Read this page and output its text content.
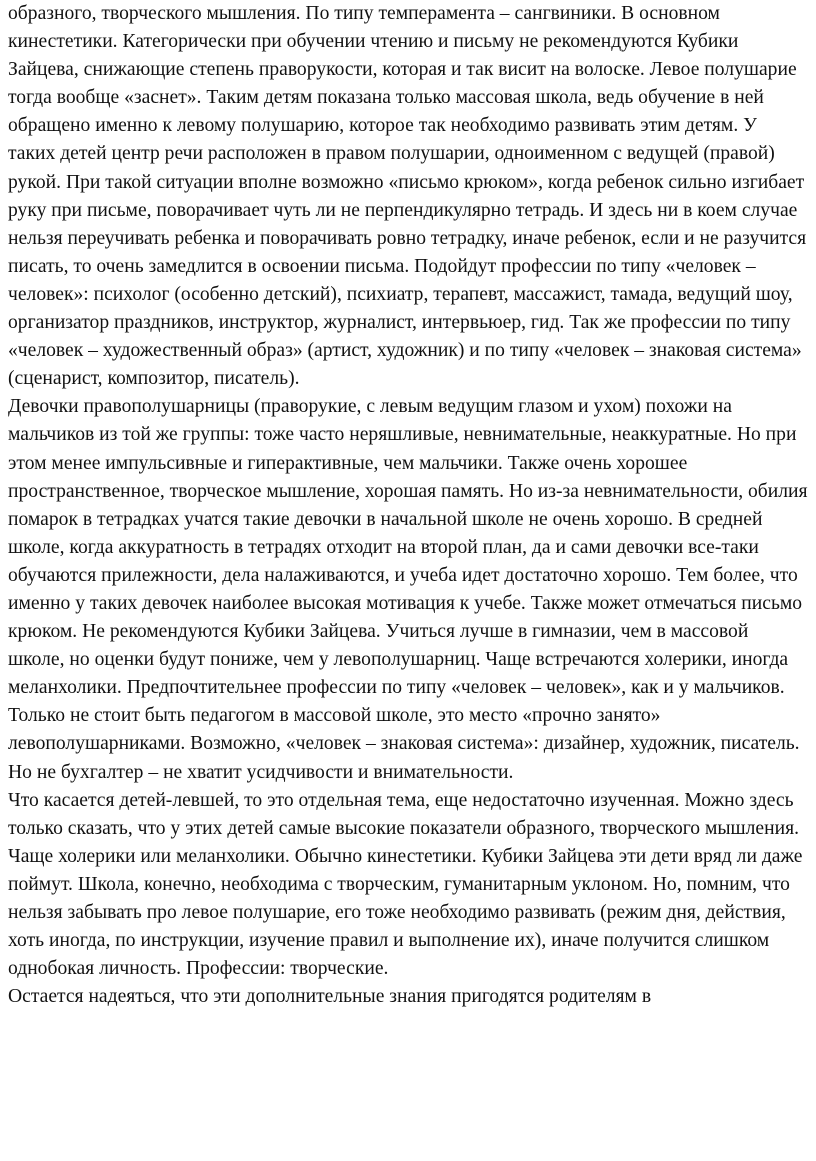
образного, творческого мышления. По типу темперамента – сангвиники. В основном кинестетики. Категорически при обучении чтению и письму не рекомендуются Кубики Зайцева, снижающие степень праворукости, которая и так висит на волоске. Левое полушарие тогда вообще «заснет». Таким детям показана только массовая школа, ведь обучение в ней обращено именно к левому полушарию, которое так необходимо развивать этим детям. У таких детей центр речи расположен в правом полушарии, одноименном с ведущей (правой) рукой. При такой ситуации вполне возможно «письмо крюком», когда ребенок сильно изгибает руку при письме, поворачивает чуть ли не перпендикулярно тетрадь. И здесь ни в коем случае нельзя переучивать ребенка и поворачивать ровно тетрадку, иначе ребенок, если и не разучится писать, то очень замедлится в освоении письма. Подойдут профессии по типу «человек – человек»: психолог (особенно детский), психиатр, терапевт, массажист, тамада, ведущий шоу, организатор праздников, инструктор, журналист, интервьюер, гид. Так же профессии по типу «человек – художественный образ» (артист, художник) и по типу «человек – знаковая система» (сценарист, композитор, писатель).

Девочки правополушарницы (праворукие, с левым ведущим глазом и ухом) похожи на мальчиков из той же группы: тоже часто неряшливые, невнимательные, неаккуратные. Но при этом менее импульсивные и гиперактивные, чем мальчики. Также очень хорошее пространственное, творческое мышление, хорошая память. Но из-за невнимательности, обилия помарок в тетрадках учатся такие девочки в начальной школе не очень хорошо. В средней школе, когда аккуратность в тетрадях отходит на второй план, да и сами девочки все-таки обучаются прилежности, дела налаживаются, и учеба идет достаточно хорошо. Тем более, что именно у таких девочек наиболее высокая мотивация к учебе. Также может отмечаться письмо крюком. Не рекомендуются Кубики Зайцева. Учиться лучше в гимназии, чем в массовой школе, но оценки будут пониже, чем у левополушарниц. Чаще встречаются холерики, иногда меланхолики. Предпочтительнее профессии по типу «человек – человек», как и у мальчиков. Только не стоит быть педагогом в массовой школе, это место «прочно занято» левополушарниками. Возможно, «человек – знаковая система»: дизайнер, художник, писатель. Но не бухгалтер – не хватит усидчивости и внимательности.

Что касается детей-левшей, то это отдельная тема, еще недостаточно изученная. Можно здесь только сказать, что у этих детей самые высокие показатели образного, творческого мышления. Чаще холерики или меланхолики. Обычно кинестетики. Кубики Зайцева эти дети вряд ли даже поймут. Школа, конечно, необходима с творческим, гуманитарным уклоном. Но, помним, что нельзя забывать про левое полушарие, его тоже необходимо развивать (режим дня, действия, хоть иногда, по инструкции, изучение правил и выполнение их), иначе получится слишком однобокая личность. Профессии: творческие.

Остается надеяться, что эти дополнительные знания пригодятся родителям в
